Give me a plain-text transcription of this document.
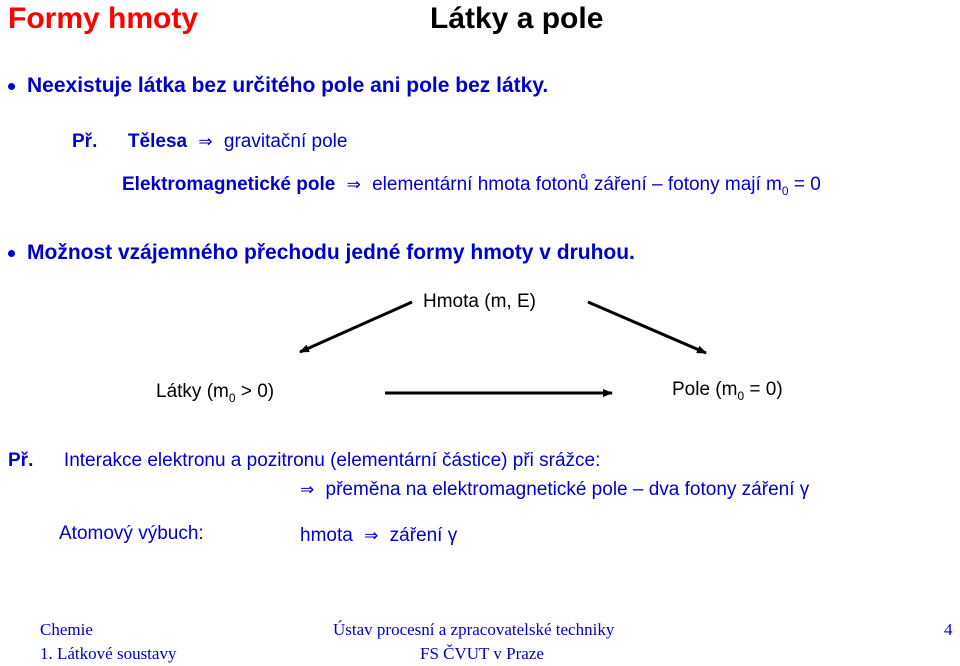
Formy hmoty	Látky a pole
Neexistuje látka bez určitého pole ani pole bez látky.
Př. Tělesa ⇒ gravitační pole
Elektromagnetické pole ⇒ elementární hmota fotonů záření – fotony mají $m_0 = 0$
Možnost vzájemného přechodu jedné formy hmoty v druhou.
Hmota (m, E)
Látky $(m_0 > 0)$	Pole $(m_0 = 0)$
Př. Interakce elektronu a pozitronu (elementární částice) při srážce:
⇒ přeměna na elektromagnetické pole – dva fotony záření γ
Atomový výbuch:	hmota ⇒ záření γ
Chemie
1. Látkové soustavy
Ústav procesní a zpracovatelské techniky
FS ČVUT v Praze
4
